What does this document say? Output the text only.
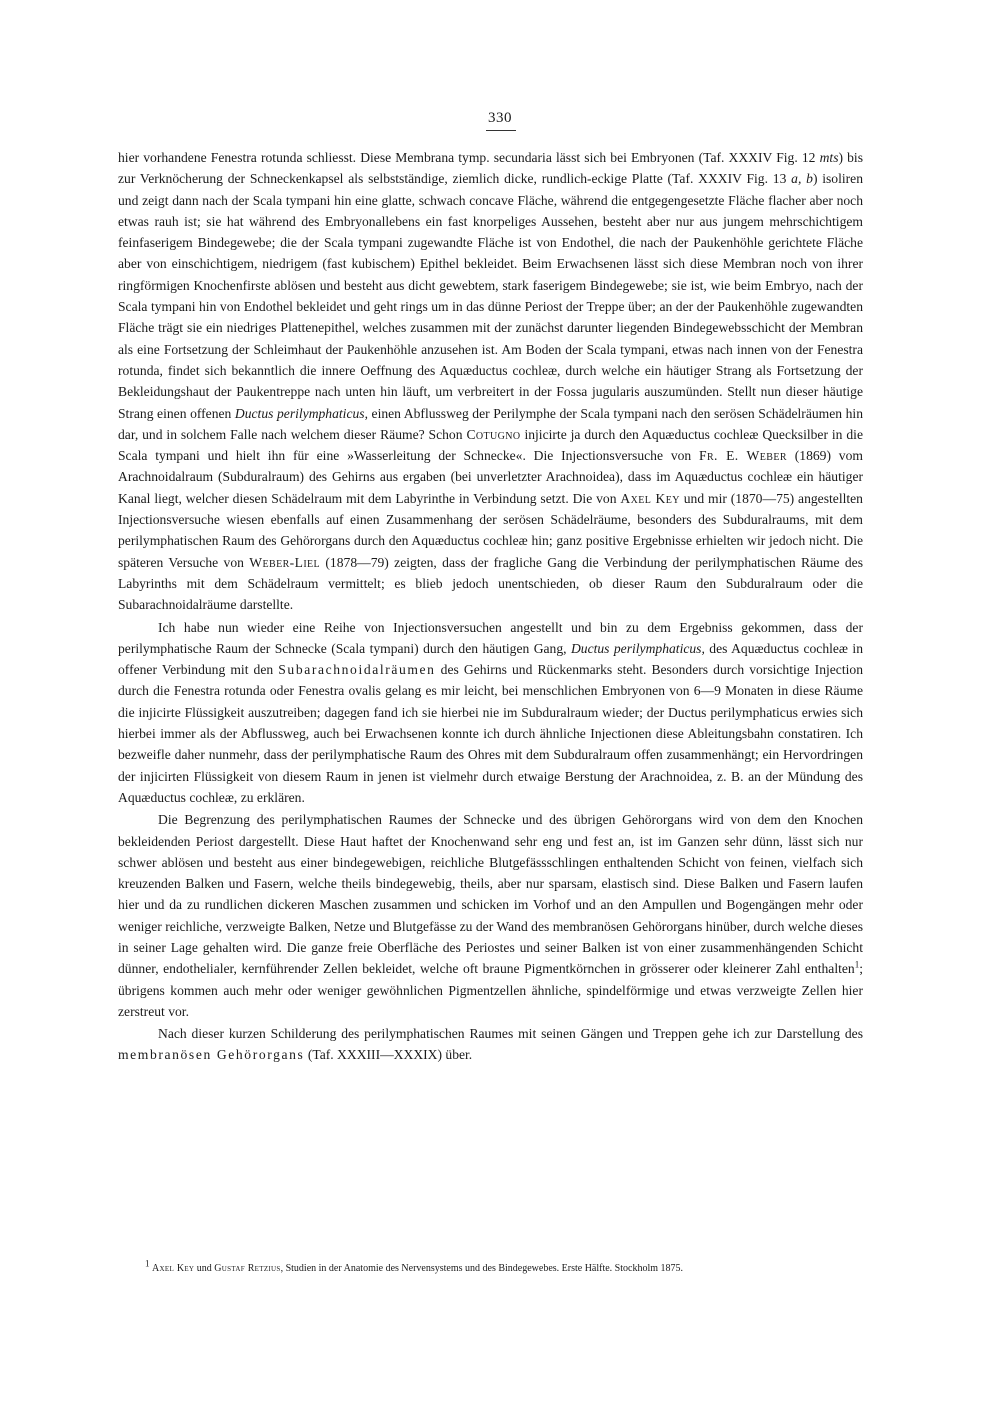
330

hier vorhandene Fenestra rotunda schliesst. Diese Membrana tymp. secundaria lässt sich bei Embryonen (Taf. XXXIV Fig. 12 mts) bis zur Verknöcherung der Schneckenkapsel als selbstständige, ziemlich dicke, rundlich-eckige Platte (Taf. XXXIV Fig. 13 a, b) isoliren und zeigt dann nach der Scala tympani hin eine glatte, schwach concave Fläche, während die entgegengesetzte Fläche flacher aber noch etwas rauh ist; sie hat während des Embryonallebens ein fast knorpeliges Aussehen, besteht aber nur aus jungem mehrschichtigem feinfaserigem Bindegewebe; die der Scala tympani zugewandte Fläche ist von Endothel, die nach der Paukenhöhle gerichtete Fläche aber von einschichtigem, niedrigem (fast kubischem) Epithel bekleidet. Beim Erwachsenen lässt sich diese Membran noch von ihrer ringförmigen Knochenfirste ablösen und besteht aus dicht gewebtem, stark faserigem Bindegewebe; sie ist, wie beim Embryo, nach der Scala tympani hin von Endothel bekleidet und geht rings um in das dünne Periost der Treppe über; an der der Paukenhöhle zugewandten Fläche trägt sie ein niedriges Plattenepithel, welches zusammen mit der zunächst darunter liegenden Bindegewebsschicht der Membran als eine Fortsetzung der Schleimhaut der Paukenhöhle anzusehen ist. Am Boden der Scala tympani, etwas nach innen von der Fenestra rotunda, findet sich bekanntlich die innere Oeffnung des Aquæductus cochleæ, durch welche ein häutiger Strang als Fortsetzung der Bekleidungshaut der Paukentreppe nach unten hin läuft, um verbreitert in der Fossa jugularis auszumünden. Stellt nun dieser häutige Strang einen offenen Ductus perilymphaticus, einen Abflussweg der Perilymphe der Scala tympani nach den serösen Schädelräumen hin dar, und in solchem Falle nach welchem dieser Räume? Schon Cotugno injicirte ja durch den Aquæductus cochleæ Quecksilber in die Scala tympani und hielt ihn für eine »Wasserleitung der Schnecke«. Die Injectionsversuche von Fr. E. Weber (1869) vom Arachnoidalraum (Subduralraum) des Gehirns aus ergaben (bei unverletzter Arachnoidea), dass im Aquæductus cochleæ ein häutiger Kanal liegt, welcher diesen Schädelraum mit dem Labyrinthe in Verbindung setzt. Die von Axel Key und mir (1870—75) angestellten Injectionsversuche wiesen ebenfalls auf einen Zusammenhang der serösen Schädelräume, besonders des Subduralraums, mit dem perilymphatischen Raum des Gehörorgans durch den Aquæductus cochleæ hin; ganz positive Ergebnisse erhielten wir jedoch nicht. Die späteren Versuche von Weber-Liel (1878—79) zeigten, dass der fragliche Gang die Verbindung der perilymphatischen Räume des Labyrinths mit dem Schädelraum vermittelt; es blieb jedoch unentschieden, ob dieser Raum den Subduralraum oder die Subarachnoidalräume darstellte.

Ich habe nun wieder eine Reihe von Injectionsversuchen angestellt und bin zu dem Ergebniss gekommen, dass der perilymphatische Raum der Schnecke (Scala tympani) durch den häutigen Gang, Ductus perilymphaticus, des Aquæductus cochleæ in offener Verbindung mit den Subarachnoidalräumen des Gehirns und Rückenmarks steht. Besonders durch vorsichtige Injection durch die Fenestra rotunda oder Fenestra ovalis gelang es mir leicht, bei menschlichen Embryonen von 6—9 Monaten in diese Räume die injicirte Flüssigkeit auszutreiben; dagegen fand ich sie hierbei nie im Subduralraum wieder; der Ductus perilymphaticus erwies sich hierbei immer als der Abflussweg, auch bei Erwachsenen konnte ich durch ähnliche Injectionen diese Ableitungsbahn constatiren. Ich bezweifle daher nunmehr, dass der perilymphatische Raum des Ohres mit dem Subduralraum offen zusammenhängt; ein Hervordringen der injicirten Flüssigkeit von diesem Raum in jenen ist vielmehr durch etwaige Berstung der Arachnoidea, z. B. an der Mündung des Aquæductus cochleæ, zu erklären.

Die Begrenzung des perilymphatischen Raumes der Schnecke und des übrigen Gehörorgans wird von dem den Knochen bekleidenden Periost dargestellt. Diese Haut haftet der Knochenwand sehr eng und fest an, ist im Ganzen sehr dünn, lässt sich nur schwer ablösen und besteht aus einer bindegewebigen, reichliche Blutgefässschlingen enthaltenden Schicht von feinen, vielfach sich kreuzenden Balken und Fasern, welche theils bindegewebig, theils, aber nur sparsam, elastisch sind. Diese Balken und Fasern laufen hier und da zu rundlichen dickeren Maschen zusammen und schicken im Vorhof und an den Ampullen und Bogengängen mehr oder weniger reichliche, verzweigte Balken, Netze und Blutgefässe zu der Wand des membranösen Gehörorgans hinüber, durch welche dieses in seiner Lage gehalten wird. Die ganze freie Oberfläche des Periostes und seiner Balken ist von einer zusammenhängenden Schicht dünner, endothelialer, kernführender Zellen bekleidet, welche oft braune Pigmentkörnchen in grösserer oder kleinerer Zahl enthalten$^1$; übrigens kommen auch mehr oder weniger gewöhnlichen Pigmentzellen ähnliche, spindelförmige und etwas verzweigte Zellen hier zerstreut vor.

Nach dieser kurzen Schilderung des perilymphatischen Raumes mit seinen Gängen und Treppen gehe ich zur Darstellung des membranösen Gehörorgans (Taf. XXXIII—XXXIX) über.

$^1$ Axel Key und Gustaf Retzius, Studien in der Anatomie des Nervensystems und des Bindegewebes. Erste Hälfte. Stockholm 1875.
